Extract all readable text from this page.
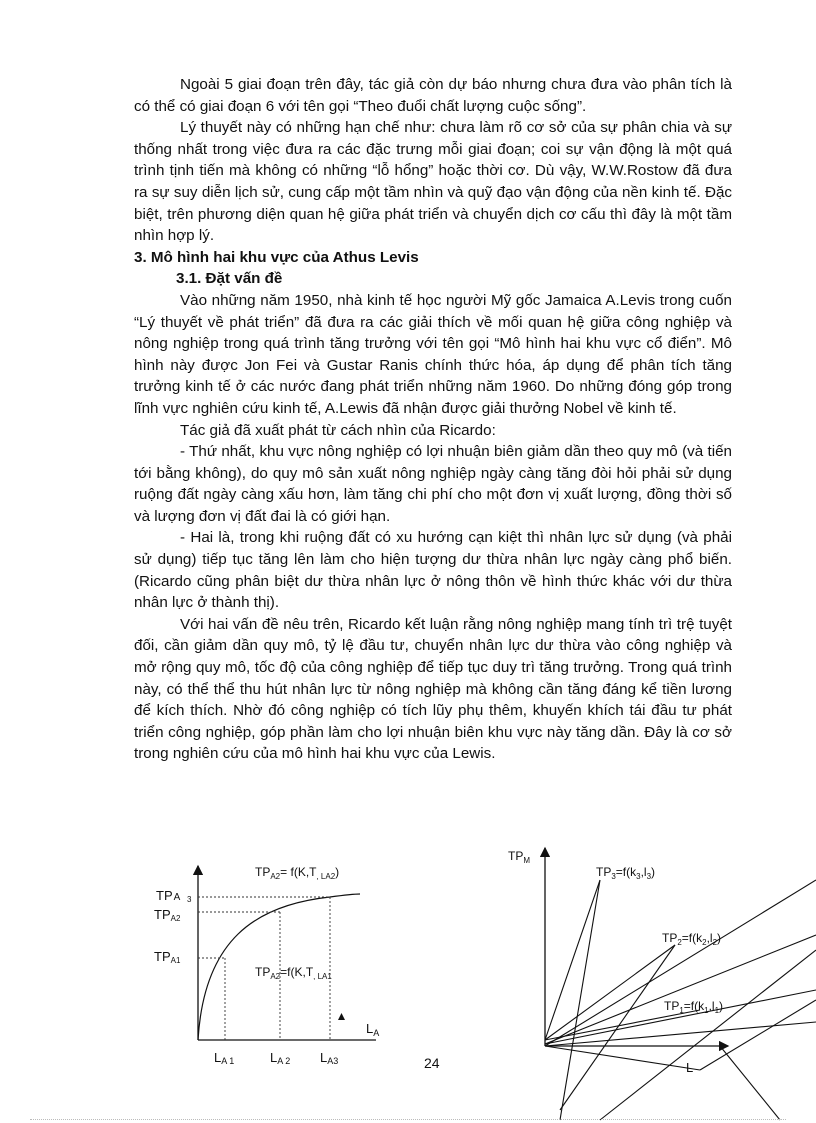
Ngoài 5 giai đoạn trên đây, tác giả còn dự báo nhưng chưa đưa vào phân tích là có thể có giai đoạn 6 với tên gọi “Theo đuổi chất lượng cuộc sống”.

Lý thuyết này có những hạn chế như: chưa làm rõ cơ sở của sự phân chia và sự thống nhất trong việc đưa ra các đặc trưng mỗi giai đoạn; coi sự vận động là một quá trình tịnh tiến mà không có những “lỗ hổng” hoặc thời cơ. Dù vậy, W.W.Rostow đã đưa ra sự suy diễn lịch sử, cung cấp một tầm nhìn và quỹ đạo vận động của nền kinh tế. Đặc biệt, trên phương diện quan hệ giữa phát triển và chuyển dịch cơ cấu thì đây là một tầm nhìn hợp lý.

3. Mô hình hai khu vực của Athus Levis

3.1. Đặt vấn đề

Vào những năm 1950, nhà kinh tế học người Mỹ gốc Jamaica A.Levis trong cuốn “Lý thuyết về phát triển” đã đưa ra các giải thích về mối quan hệ giữa công nghiệp và nông nghiệp trong quá trình tăng trưởng với tên gọi “Mô hình hai khu vực cổ điển”. Mô hình này được Jon Fei và Gustar Ranis chính thức hóa, áp dụng để phân tích tăng trưởng kinh tế ở các nước đang phát triển những năm 1960. Do những đóng góp trong lĩnh vực nghiên cứu kinh tế, A.Lewis đã nhận được giải thưởng Nobel về kinh tế.

Tác giả đã xuất phát từ cách nhìn của Ricardo:

- Thứ nhất, khu vực nông nghiệp có lợi nhuận biên giảm dần theo quy mô (và tiến tới bằng không), do quy mô sản xuất nông nghiệp ngày càng tăng đòi hỏi phải sử dụng ruộng đất ngày càng xấu hơn, làm tăng chi phí cho một đơn vị xuất lượng, đồng thời số và lượng đơn vị đất đai là có giới hạn.

- Hai là, trong khi ruộng đất có xu hướng cạn kiệt thì nhân lực sử dụng (và phải sử dụng) tiếp tục tăng lên làm cho hiện tượng dư thừa nhân lực ngày càng phổ biến. (Ricardo cũng phân biệt dư thừa nhân lực ở nông thôn về hình thức khác với dư thừa nhân lực ở thành thị).

Với hai vấn đề nêu trên, Ricardo kết luận rằng nông nghiệp mang tính trì trệ tuyệt đối, cần giảm dần quy mô, tỷ lệ đầu tư, chuyển nhân lực dư thừa vào công nghiệp và mở rộng quy mô, tốc độ của công nghiệp để tiếp tục duy trì tăng trưởng. Trong quá trình này, có thể thể thu hút nhân lực từ nông nghiệp mà không cần tăng đáng kể tiền lương để kích thích. Nhờ đó công nghiệp có tích lũy phụ thêm, khuyến khích tái đầu tư phát triển công nghiệp, góp phần làm cho lợi nhuận biên khu vực này tăng dần. Đây là cơ sở trong nghiên cứu của mô hình hai khu vực của Lewis.

TPA 3
TPA2
TPA1
$TP_{A2}= f(K,T_{, LA2})$
$TP_{A2}=f(K,T_{, LA1}$
$L_A$
LA 1	LA 2 LA3	24
$TP_M$
$TP_3=f(k_3,l_3)$
$TP_2=f(k_2,l_2)$
$TP_1=f(k_1,l_1)$
L
